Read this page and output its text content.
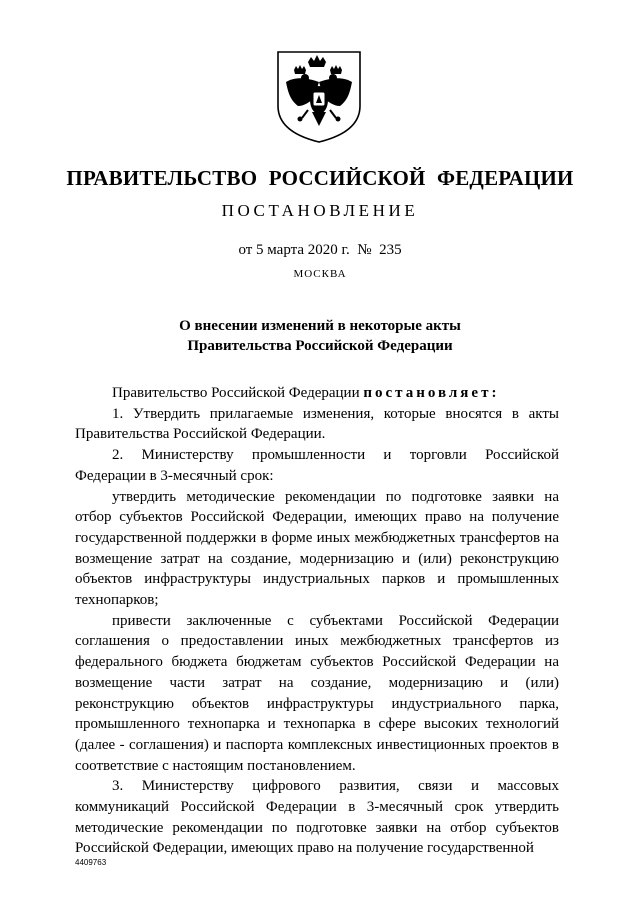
ПРАВИТЕЛЬСТВО РОССИЙСКОЙ ФЕДЕРАЦИИ
ПОСТАНОВЛЕНИЕ
от 5 марта 2020 г.  №  235
МОСКВА
О внесении изменений в некоторые акты
Правительства Российской Федерации

Правительство Российской Федерации постановляет:

1. Утвердить прилагаемые изменения, которые вносятся в акты Правительства Российской Федерации.

2. Министерству промышленности и торговли Российской Федерации в 3-месячный срок:

утвердить методические рекомендации по подготовке заявки на отбор субъектов Российской Федерации, имеющих право на получение государственной поддержки в форме иных межбюджетных трансфертов на возмещение затрат на создание, модернизацию и (или) реконструкцию объектов инфраструктуры индустриальных парков и промышленных технопарков;

привести заключенные с субъектами Российской Федерации соглашения о предоставлении иных межбюджетных трансфертов из федерального бюджета бюджетам субъектов Российской Федерации на возмещение части затрат на создание, модернизацию и (или) реконструкцию объектов инфраструктуры индустриального парка, промышленного технопарка и технопарка в сфере высоких технологий (далее - соглашения) и паспорта комплексных инвестиционных проектов в соответствие с настоящим постановлением.

3. Министерству цифрового развития, связи и массовых коммуникаций Российской Федерации в 3-месячный срок утвердить методические рекомендации по подготовке заявки на отбор субъектов Российской Федерации, имеющих право на получение государственной

4409763
